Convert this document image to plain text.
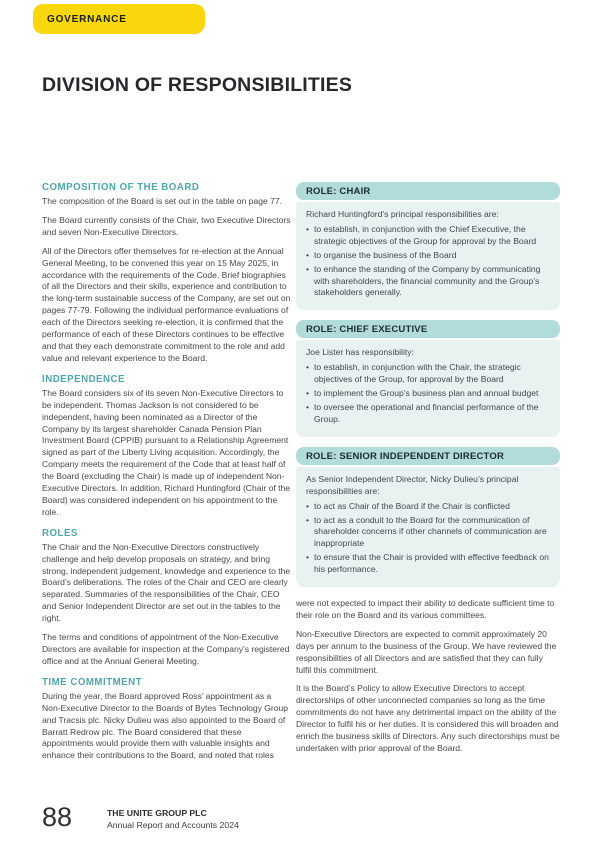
GOVERNANCE
DIVISION OF RESPONSIBILITIES
COMPOSITION OF THE BOARD

The composition of the Board is set out in the table on page 77.

The Board currently consists of the Chair, two Executive Directors and seven Non-Executive Directors.

All of the Directors offer themselves for re-election at the Annual General Meeting, to be convened this year on 15 May 2025, in accordance with the requirements of the Code. Brief biographies of all the Directors and their skills, experience and contribution to the long-term sustainable success of the Company, are set out on pages 77-79. Following the individual performance evaluations of each of the Directors seeking re-election, it is confirmed that the performance of each of these Directors continues to be effective and that they each demonstrate commitment to the role and add value and relevant experience to the Board.

INDEPENDENCE

The Board considers six of its seven Non-Executive Directors to be independent. Thomas Jackson is not considered to be independent, having been nominated as a Director of the Company by its largest shareholder Canada Pension Plan Investment Board (CPPIB) pursuant to a Relationship Agreement signed as part of the Liberty Living acquisition. Accordingly, the Company meets the requirement of the Code that at least half of the Board (excluding the Chair) is made up of independent Non-Executive Directors. In addition, Richard Huntingford (Chair of the Board) was considered independent on his appointment to the role.

ROLES

The Chair and the Non-Executive Directors constructively challenge and help develop proposals on strategy, and bring strong, independent judgement, knowledge and experience to the Board’s deliberations. The roles of the Chair and CEO are clearly separated. Summaries of the responsibilities of the Chair, CEO and Senior Independent Director are set out in the tables to the right.

The terms and conditions of appointment of the Non-Executive Directors are available for inspection at the Company’s registered office and at the Annual General Meeting.

TIME COMMITMENT

During the year, the Board approved Ross’ appointment as a Non-Executive Director to the Boards of Bytes Technology Group and Tracsis plc. Nicky Dulieu was also appointed to the Board of Barratt Redrow plc. The Board considered that these appointments would provide them with valuable insights and enhance their contributions to the Board, and noted that roles

ROLE: CHAIR

Richard Huntingford’s principal responsibilities are:

• to establish, in conjunction with the Chief Executive, the strategic objectives of the Group for approval by the Board
• to organise the business of the Board
• to enhance the standing of the Company by communicating with shareholders, the financial community and the Group’s stakeholders generally.
ROLE: CHIEF EXECUTIVE

Joe Lister has responsibility:

• to establish, in conjunction with the Chair, the strategic objectives of the Group, for approval by the Board
• to implement the Group’s business plan and annual budget
• to oversee the operational and financial performance of the Group.
ROLE: SENIOR INDEPENDENT DIRECTOR

As Senior Independent Director, Nicky Dulieu’s principal responsibilities are:

• to act as Chair of the Board if the Chair is conflicted
• to act as a conduit to the Board for the communication of shareholder concerns if other channels of communication are inappropriate
• to ensure that the Chair is provided with effective feedback on his performance.

were not expected to impact their ability to dedicate sufficient time to their role on the Board and its various committees.

Non-Executive Directors are expected to commit approximately 20 days per annum to the business of the Group. We have reviewed the responsibilities of all Directors and are satisfied that they can fully fulfil this commitment.

It is the Board’s Policy to allow Executive Directors to accept directorships of other unconnected companies so long as the time commitments do not have any detrimental impact on the ability of the Director to fulfil his or her duties. It is considered this will broaden and enrich the business skills of Directors. Any such directorships must be undertaken with prior approval of the Board.

88	THE UNITE GROUP PLC
Annual Report and Accounts 2024
